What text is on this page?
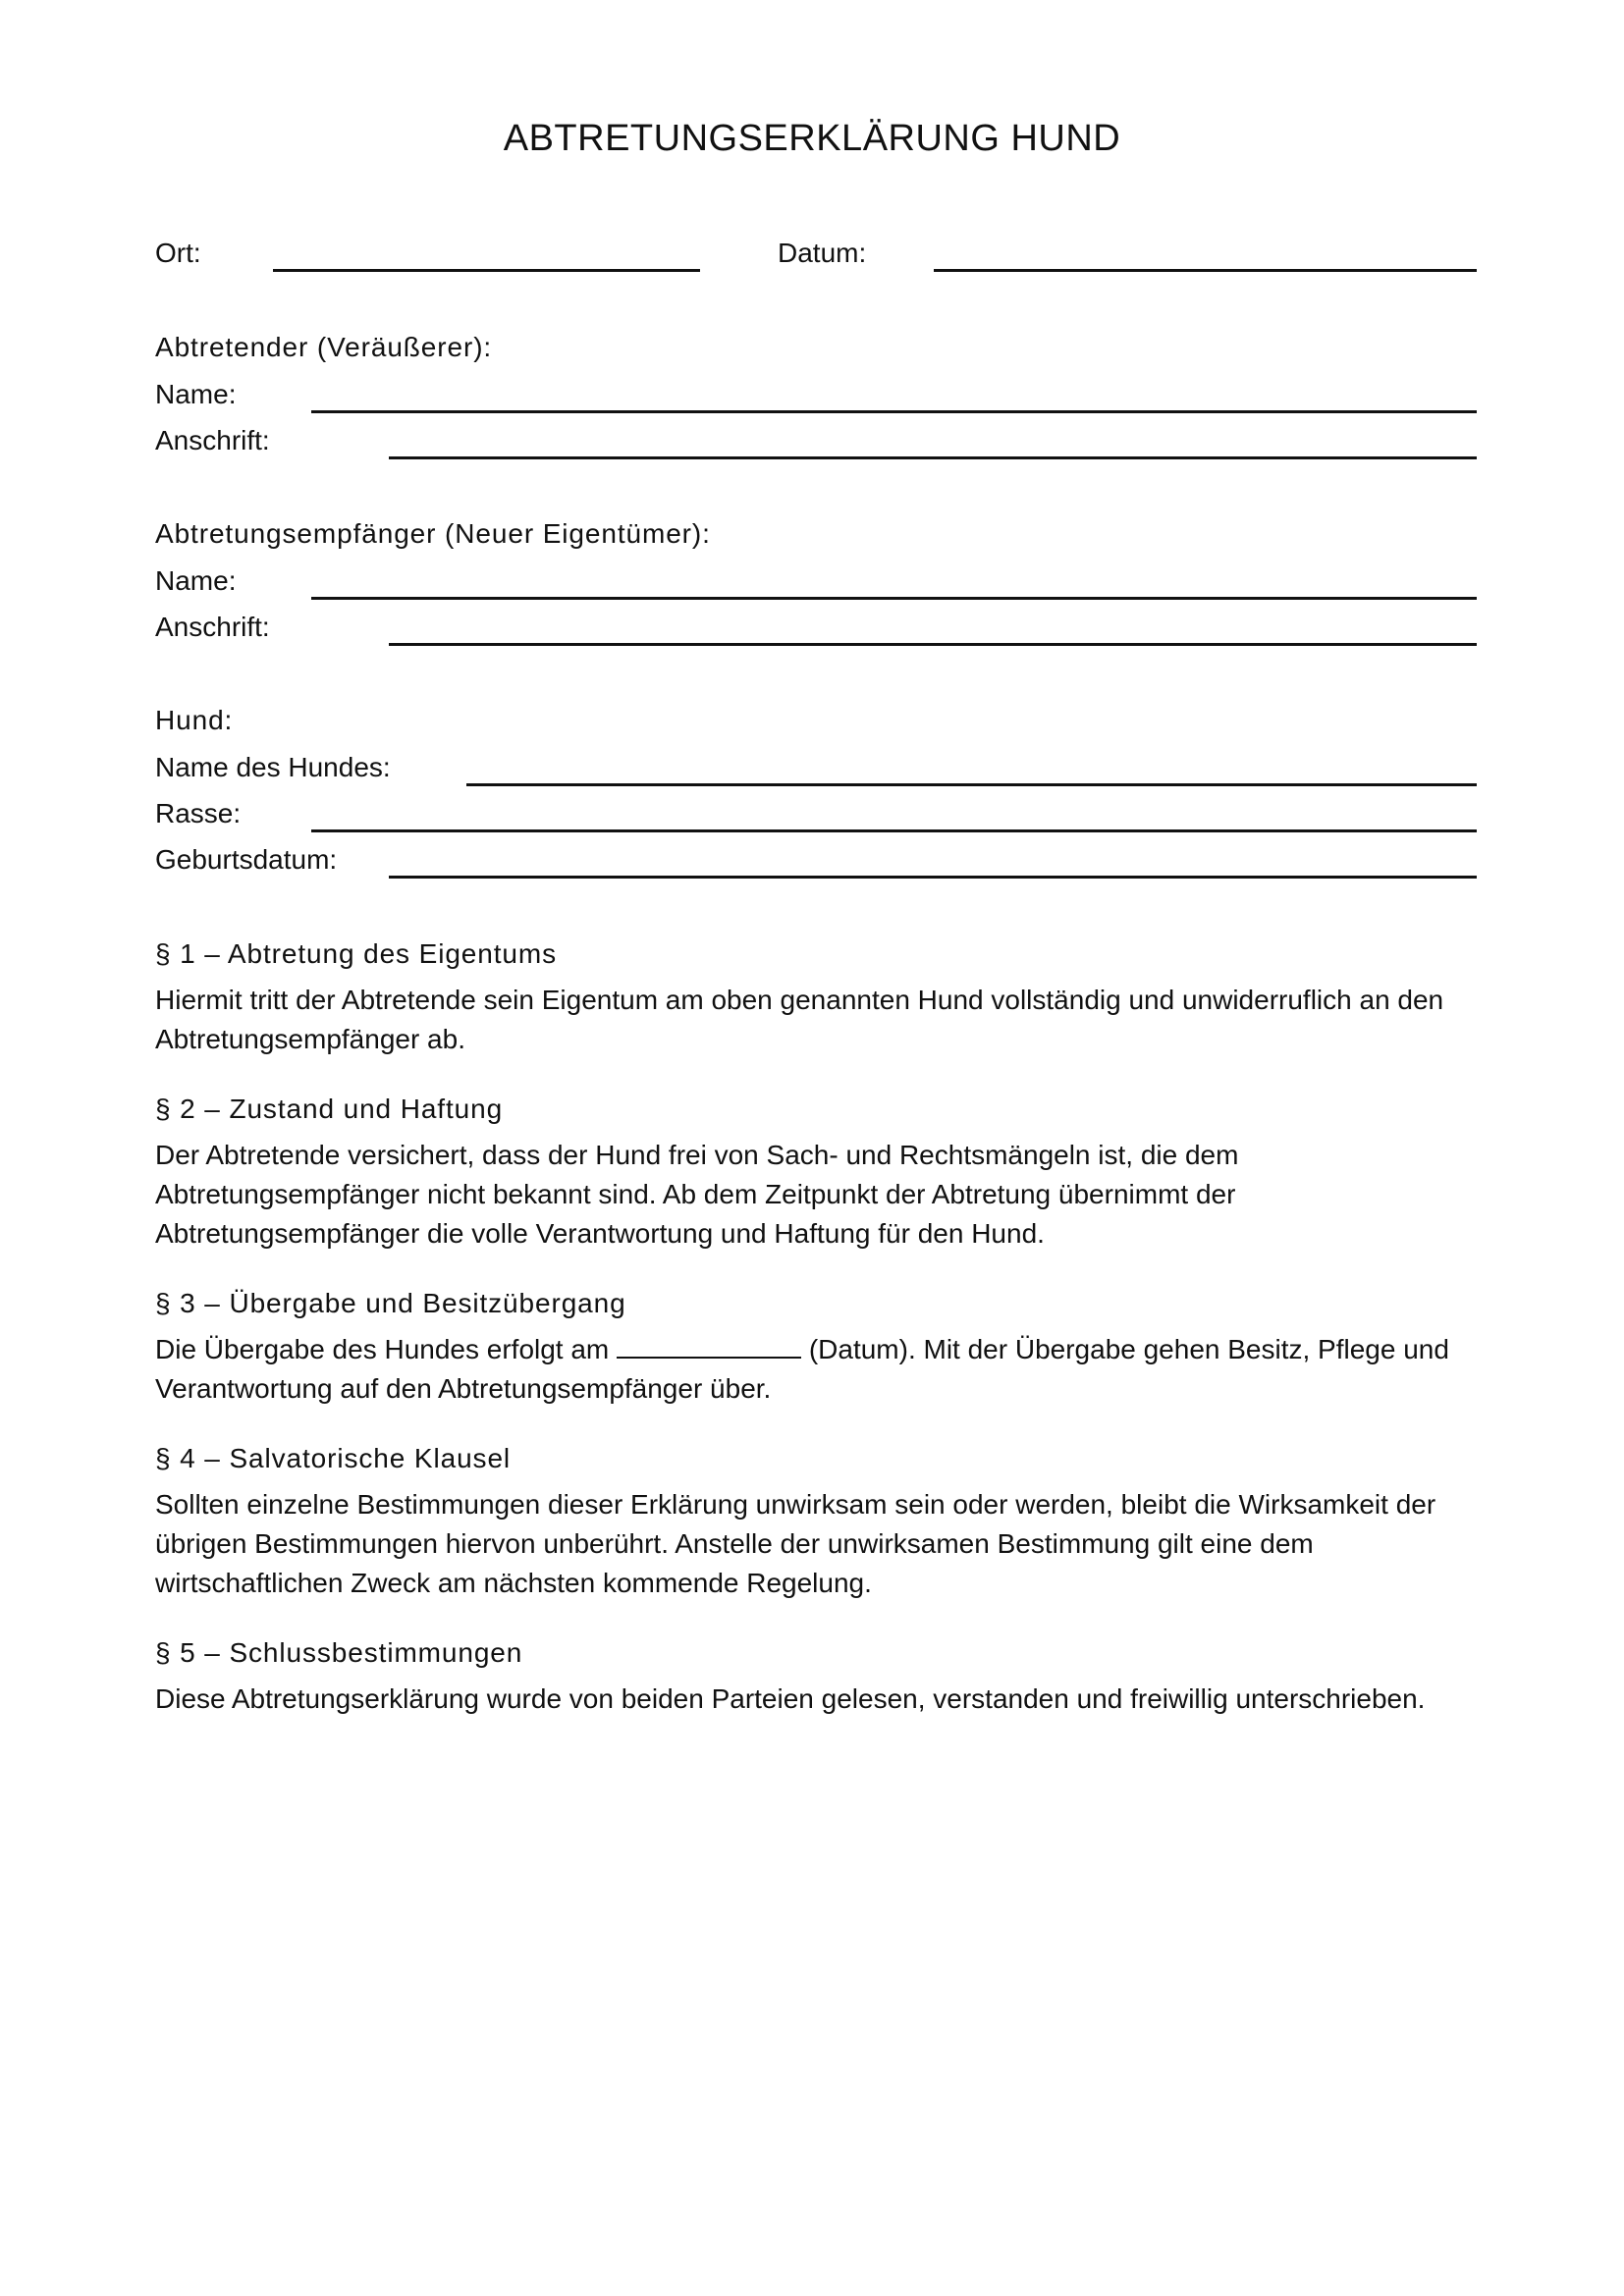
ABTRETUNGSERKLÄRUNG HUND
Ort:	Datum:
Abtretender (Veräußerer):
Name:
Anschrift:
Abtretungsempfänger (Neuer Eigentümer):
Name:
Anschrift:
Hund:
Name des Hundes:
Rasse:
Geburtsdatum:
§ 1 – Abtretung des Eigentums

Hiermit tritt der Abtretende sein Eigentum am oben genannten Hund vollständig und unwiderruflich an den

Abtretungsempfänger ab.

§ 2 – Zustand und Haftung

Der Abtretende versichert, dass der Hund frei von Sach- und Rechtsmängeln ist, die dem

Abtretungsempfänger nicht bekannt sind. Ab dem Zeitpunkt der Abtretung übernimmt der

Abtretungsempfänger die volle Verantwortung und Haftung für den Hund.

§ 3 – Übergabe und Besitzübergang

Die Übergabe des Hundes erfolgt am	(Datum). Mit der Übergabe gehen Besitz, Pflege und

Verantwortung auf den Abtretungsempfänger über.

§ 4 – Salvatorische Klausel

Sollten einzelne Bestimmungen dieser Erklärung unwirksam sein oder werden, bleibt die Wirksamkeit der

übrigen Bestimmungen hiervon unberührt. Anstelle der unwirksamen Bestimmung gilt eine dem

wirtschaftlichen Zweck am nächsten kommende Regelung.

§ 5 – Schlussbestimmungen

Diese Abtretungserklärung wurde von beiden Parteien gelesen, verstanden und freiwillig unterschrieben.
